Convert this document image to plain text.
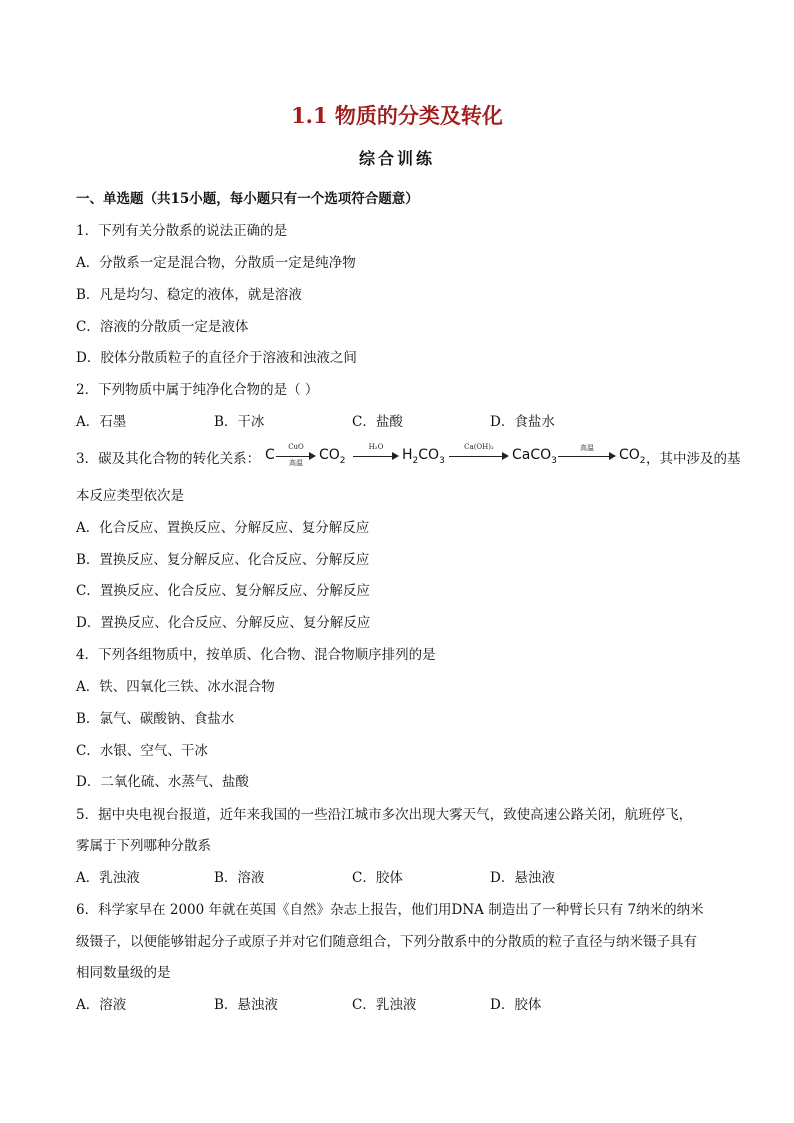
1.1 物质的分类及转化
综合训练
一、单选题（共15小题，每小题只有一个选项符合题意）
1．下列有关分散系的说法正确的是
A．分散系一定是混合物，分散质一定是纯净物
B．凡是均匀、稳定的液体，就是溶液
C．溶液的分散质一定是液体
D．胶体分散质粒子的直径介于溶液和浊液之间
2．下列物质中属于纯净化合物的是（ ）
A．石墨	B．干冰	C．盐酸	D．食盐水
3．碳及其化合物的转化关系： C	CuO
高温	$CO_2$
H₂O	$H_2CO_3$
Ca(OH)₂	CaCO$_3$
高温	$CO_2$ ，其中涉及的基
本反应类型依次是
A．化合反应、置换反应、分解反应、复分解反应
B．置换反应、复分解反应、化合反应、分解反应
C．置换反应、化合反应、复分解反应、分解反应
D．置换反应、化合反应、分解反应、复分解反应
4．下列各组物质中，按单质、化合物、混合物顺序排列的是
A．铁、四氧化三铁、冰水混合物
B．氯气、碳酸钠、食盐水
C．水银、空气、干冰
D．二氧化硫、水蒸气、盐酸
5．据中央电视台报道，近年来我国的一些沿江城市多次出现大雾天气，致使高速公路关闭，航班停飞，
雾属于下列哪种分散系
A．乳浊液	B．溶液	C．胶体	D．悬浊液
6．科学家早在 2000 年就在英国《自然》杂志上报告，他们用DNA 制造出了一种臂长只有 7纳米的纳米
级镊子，以便能够钳起分子或原子并对它们随意组合，下列分散系中的分散质的粒子直径与纳米镊子具有
相同数量级的是
A．溶液	B．悬浊液	C．乳浊液	D．胶体
